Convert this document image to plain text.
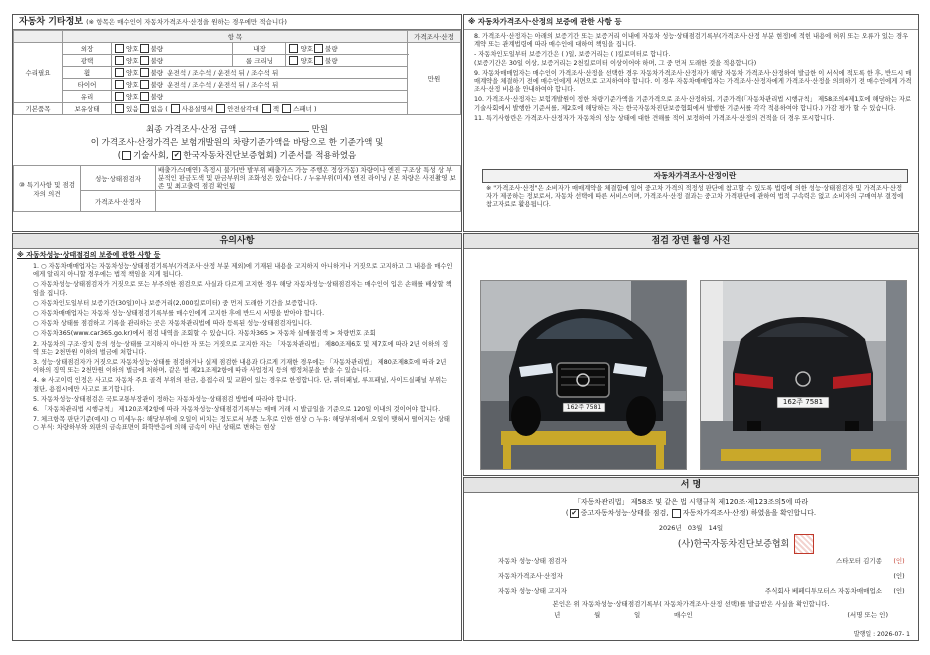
자동차 기타정보 (※ 항목은 매수인이 자동차가격조사·산정을 원하는 경우에만 적습니다)
	항 목				가격조사·산정
수리필요	외장	양호 불량	내장	양호 불량	만원
	광택	양호 불량	룸 크리닝	양호 불량	
	휠	양호 불량 운전석 / 조수석 / 운전석 뒤 / 조수석 뒤			
	타이어	양호 불량 운전석 / 조수석 / 운전석 뒤 / 조수석 뒤			
	유리	양호 불량			
기본품목	보유상태	있음 없음 ( 사용설명서 안전삼각대 잭 스패너 )			
최종 가격조사·산정 금액	만원
이 가격조사·산정가격은 보험개발원의 차량기준가액을 바탕으로 한 기준가액 및
( 기술사회, ✔ 한국자동차진단보증협회) 기준서를 적용하였음
⑩ 특기사항 및 점검자의 의견	성능·상태점검자	배출가스(매연) 측정시 불가(반 발부위 배출가스 가능 주행은 정상가동) 차량이나 엔진 구조상 특성 상 부분적인 판금도색 및 판금부위의 조화성은 있습니다. / 누유부위(미세) 엔진 라이닝 / 본 차량은 사진촬영 보존 및 최고출력 점검 확인됨
	가격조사·산정자	
※ 자동차가격조사·산정의 보증에 관한 사항 등

8. 가격조사·산정자는 아래의 보증기간 또는 보증거리 이내에 자동차 성능·상태점검기록부(가격조사·산정 부분 현정)에 적힌 내용에 허위 또는 오류가 있는 경우 계약 또는 관계법령에 따라 매수인에 대하여 책임을 집니다.

- 자동차인도일부터 보증기간은 ( )일, 보증거리는 ( )킬로미터로 합니다.

(보증기간은 30일 이상, 보증거리는 2천킬로미터 이상이어야 하며, 그 중 먼저 도래한 것을 적용합니다)

9. 자동차매매업자는 매수인이 가격조사·산정을 선택한 경우 자동차가격조사·산정자가 해당 자동차 가격조사·산정하여 발급한 이 서식에 적도록 한 후, 반드시 매매계약을 체결하기 전에 매수인에게 서면으로 고지하여야 합니다. 이 경우 자동차매매업자는 가격조사·산정자에게 가격조사·산정을 의뢰하기 전 매수인에게 가격조사·산정 비용을 안내하여야 합니다.

10. 가격조사·산정자는 보험개발원이 정한 차량기준가액을 기준가격으로 조사·산정하되, 기준가격(「자동차관리법 시행규칙」 제58조의4제1호에 해당하는 자로 기술사회에서 발행한 기준서를, 제2호에 해당하는 자는 한국자동차진단보증협회에서 발행한 기준서를 각각 적용하여야 합니다.) 가감 평가 할 수 있습니다.

11. 특기사항란은 가격조사·산정자가 자동차의 성능 상태에 대한 견해를 적어 보정하여 가격조사·산정의 견적을 더 경우 또시합니다.

자동차가격조사·산정이란
※ "가격조사·산정"은 소비자가 매매계약을 체결함에 있어 중고차 가격의 적정성 판단에 참고할 수 있도록 법령에 의한 성능·상태점검자 및 가격조사·산정자가 제공하는 정보로서, 자동차 선택에 따른 서비스이며, 가격조사·산정 결과는 중고차 가격판단에 관하여 법적 구속력은 없고 소비자의 구매여부 결정에 참고자료로 활용됩니다.
유의사항
※ 자동차성능·상태점검의 보증에 관한 사항 등

1. ○ 자동차매매업자는 자동차성능·상태점검기록부(가격조사·산정 부분 제외)에 기재된 내용을 고지하지 아니하거나 거짓으로 고지하고 그 내용을 매수인에게 알리지 아니할 경우에는 법적 책임을 지게 됩니다.

○ 자동차성능·상태점검자가 거짓으로 또는 부주의한 점검으로 사실과 다르게 고지한 경우 해당 자동차성능·상태점검자는 매수인이 입은 손해를 배상할 책임을 집니다.

○ 자동차인도일부터 보증기간(30일)이나 보증거리(2,000킬로미터) 중 먼저 도래한 기간을 보증합니다.

○ 자동차매매업자는 자동차 성능·상태점검기록부를 매수인에게 고지한 후에 반드시 서명을 받아야 합니다.

○ 자동차 상태를 점검하고 기록을 관리하는 곳은 자동차관리법에 따라 등록된 성능·상태점검자입니다.

○ 자동차365(www.car365.go.kr)에서 점검 내역을 조회할 수 있습니다. 자동차365 > 자동차 실매물검색 > 차량번호 조회

2. 자동차의 구조·장치 등의 성능·상태를 고지하지 아니한 자 또는 거짓으로 고지한 자는 「자동차관리법」 제80조제6호 및 제7호에 따라 2년 이하의 징역 또는 2천만원 이하의 벌금에 처합니다.

3. 성능·상태점검자가 거짓으로 자동차성능·상태를 점검하거나 실제 점검한 내용과 다르게 기재한 경우에는 「자동차관리법」 제80조제8호에 따라 2년 이하의 징역 또는 2천만원 이하의 벌금에 처하며, 같은 법 제21조제2항에 따라 사업정지 등의 행정처분을 받을 수 있습니다.

4. ※ 사고이력 인정은 사고로 자동차 주요 골격 부위의 판금, 용접수리 및 교환이 있는 경우로 한정합니다. 단, 쿼터패널, 루프패널, 사이드실패널 부위는 절단, 용접시에만 사고로 표기합니다.

5. 자동차성능·상태점검은 국토교통부장관이 정하는 자동차성능·상태점검 방법에 따라야 합니다.

6. 「자동차관리법 시행규칙」 제120조제2항에 따라 자동차성능·상태점검기록부는 매매 거래 시 발급일을 기준으로 120일 이내의 것이어야 합니다.

7. 체크항목 판단기준(예시) ○ 미세누유: 해당부위에 오일이 비치는 정도로서 부품 노후로 인한 현상 ○ 누유: 해당부위에서 오일이 맺혀서 떨어지는 상태 ○ 부식: 차량하부와 외판의 금속표면이 화학반응에 의해 금속이 아닌 상태로 변하는 현상

점검 장면 촬영 사진
162주 7581
162주 7581
서 명
「자동차관리법」 제58조 및 같은 법 시행규칙 제120조·제123조의5에 따라
( ✔ 중고자동차성능·상태를 점검, 자동차가격조사·산정) 하였음을 확인합니다.
2026년 03월 14일
(사)한국자동차진단보증협회
자동차 성능·상태 점검자	스타모터 김기종	(인)
자동차가격조사·산정자	(인)
자동차 성능·상태 고지자	주식회사 베페디투모터스 자동차매매업소	(인)
본인은 위 자동차성능·상태점검기록부( 자동차가격조사·산정 선택)를 발급받은 사실을 확인합니다.
년	월	일	매수인	(서명 또는 인)
발행일 : 2026-07- 1
